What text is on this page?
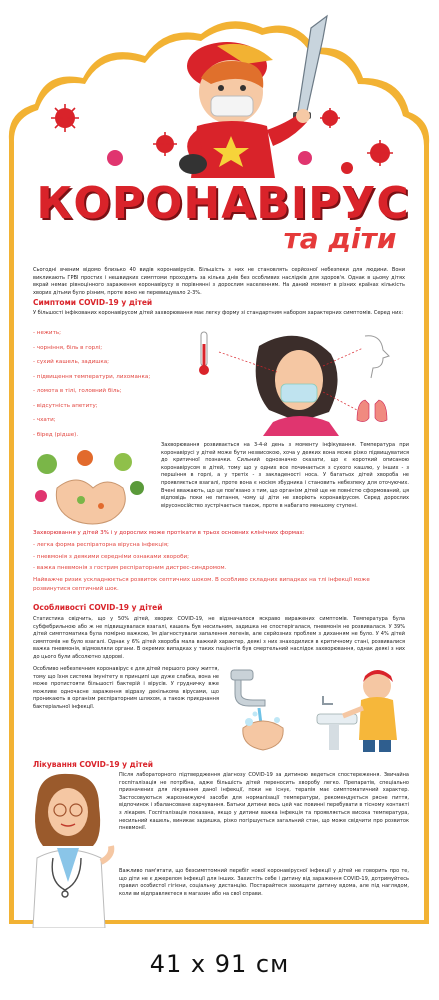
КОРОНАВІРУС
та діти
Сьогодні вченим відомо близько 40 видів коронавірусів. Більшість з них не становлять серйозної небезпеки для людини. Вони викликають ГРВІ простих і нешвидких симптоми проходять за кілька днів без особливих наслідків для здоров'я. Однак в цьому дітях вкрай немає рівноцінного зараження коронавірусу в порівнянні з дорослим населенням. На даний момент в різних країнах кількість хворих дітьми було різним, проте воно не перевищувало 2-3%.
Симптоми COVID-19 у дітей
У більшості інфікованих коронавірусом дітей захворювання має легку форму зі стандартним набором характерних симптомів. Серед них:
- нежить;
- чорніння, біль в горлі;
- сухий кашель, задишка;
- підвищення температури, лихоманка;
- ломота в тілі, головний біль;
- відсутність апетиту;
- чхати;
- біред (рідше).
Захворювання розвивається на 3-4-й день з моменту інфікування. Температура при коронавірусі у дітей може бути незвисокою, хоча у деяких вона може різко підвищуватися до критичної позначки. Сильний однозначно сказати, що є короткий описаною коронавірусом в дітей, тому що у одних все починається з сухого кашлю, у інших - з першіння в горлі, а у третіх - з закладеності носа. У багатьох дітей хвороба не проявляється взагалі, проте вона є носієм збудника і становить небезпеку для оточуючих. Вчені вважають, що це пов'язано з тим, що організм дітей ще не повністю сформований, ця відповідь поки не питання, чому ці діти не хворіють коронавірусом. Серед дорослих вірусоносійство зустрічається також, проте в набагато меншому ступені.
Захворювання у дітей 3% і у дорослих може протікати в трьох основних клінічних формах:
- легка форма респіраторна вірусна інфекція;
- пневмонія з деякими середніми ознаками хвороби;
- важка пневмонія з гострим респіраторним дистрес-синдромом.
Найважче ризик ускладнюється розвиток септичних шоком. В особливо складних випадках на тлі інфекції може розвинутися септичний шок.
Особливості COVID-19 у дітей
Статистика свідчить, що у 50% дітей, хворих COVID-19, не відзначалося яскраво виражених симптомів. Температура була субфебрильною або ж не підвищувалася взагалі, кашель був несильним, задишка не спостерігалася, пневмонія не розвивалася. У 39% дітей симптоматика була помірно важкою, їм діагностували запалення легенів, але серйозних проблем з диханням не було. У 4% дітей симптомів не було взагалі. Однак у 6% дітей хвороба мала важкий характер, деякі з них знаходилися в критичному стані, розвивалися важка пневмонія, відмовляли органи. В окремих випадках у таких пацієнтів був смертельний наслідок захворювання, однак деякі з них до цього були абсолютно здорові.
Особливо небезпечним коронавірус є для дітей першого року життя, тому що їхня система імунітету в принципі ще дуже слабка, вона не може протистояти більшості бактерій і вірусів. У грудничку вже можливе одночасне зараження відразу декількома вірусами, що проникають в організм респіраторним шляхом, а також приєднання бактеріальної інфекції.
Лікування COVID-19 у дітей
Після лабораторного підтвердження діагнозу COVID-19 за дитиною ведеться спостереження. Звичайна госпіталізація не потрібна, адже більшість дітей переносить хворобу легко. Препаратів, спеціально призначених для лікування даної інфекції, поки не існує, терапія має симптоматичний характер. Застосовуються жарознижуючі засоби для нормалізації температури, рекомендується рясне пиття, відпочинок і збалансоване харчування. Батьки дитини весь цей час повинні перебувати в тісному контакті з лікарем. Госпіталізація показана, якщо у дитини важка інфекція та проявляється висока температура, несильний кашель, виникає задишка, різко погіршується загальний стан, що може свідчити про розвиток пневмонії.
Важливо пам'ятати, що безсимптомний перебіг нової коронавірусної інфекції у дітей не говорить про те, що діти не є джерелом інфекції для інших. Захистіть себе і дитину від зараження COVID-19, дотримуйтесь правил особистої гігієни, соціальну дистанцію. Постарайтеся захищати дитину вдома, але під наглядом, коли ви відправляєтеся в магазин або на свої справи.
41 x 91 см
